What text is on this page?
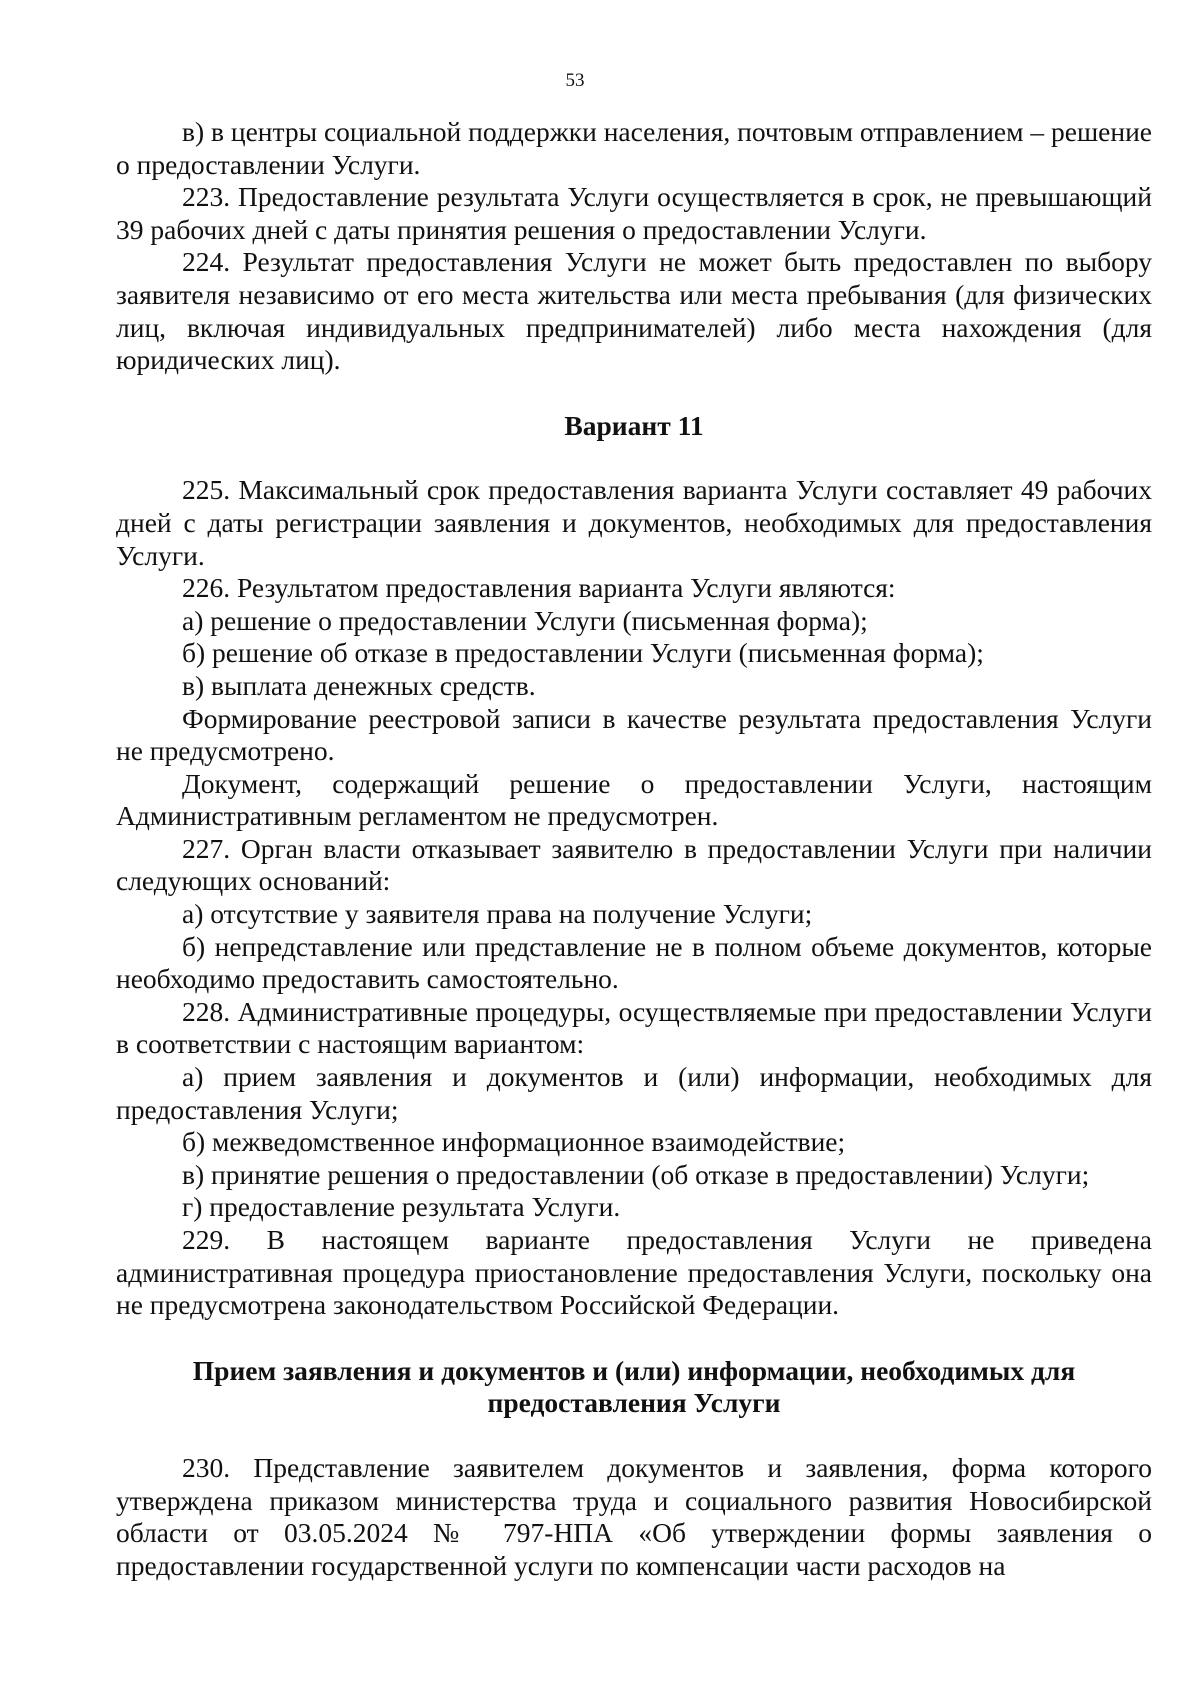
53

в) в центры социальной поддержки населения, почтовым отправлением – решение о предоставлении Услуги.

223. Предоставление результата Услуги осуществляется в срок, не превышающий 39 рабочих дней с даты принятия решения о предоставлении Услуги.

224. Результат предоставления Услуги не может быть предоставлен по выбору заявителя независимо от его места жительства или места пребывания (для физических лиц, включая индивидуальных предпринимателей) либо места нахождения (для юридических лиц).

Вариант 11

225. Максимальный срок предоставления варианта Услуги составляет 49 рабочих дней с даты регистрации заявления и документов, необходимых для предоставления Услуги.

226. Результатом предоставления варианта Услуги являются:

а) решение о предоставлении Услуги (письменная форма);

б) решение об отказе в предоставлении Услуги (письменная форма);

в) выплата денежных средств.

Формирование реестровой записи в качестве результата предоставления Услуги не предусмотрено.

Документ, содержащий решение о предоставлении Услуги, настоящим Административным регламентом не предусмотрен.

227. Орган власти отказывает заявителю в предоставлении Услуги при наличии следующих оснований:

а) отсутствие у заявителя права на получение Услуги;

б) непредставление или представление не в полном объеме документов, которые необходимо предоставить самостоятельно.

228. Административные процедуры, осуществляемые при предоставлении Услуги в соответствии с настоящим вариантом:

а) прием заявления и документов и (или) информации, необходимых для предоставления Услуги;

б) межведомственное информационное взаимодействие;

в) принятие решения о предоставлении (об отказе в предоставлении) Услуги;

г) предоставление результата Услуги.

229. В настоящем варианте предоставления Услуги не приведена административная процедура приостановление предоставления Услуги, поскольку она не предусмотрена законодательством Российской Федерации.

Прием заявления и документов и (или) информации, необходимых для
предоставления Услуги

230. Представление заявителем документов и заявления, форма которого утверждена приказом министерства труда и социального развития Новосибирской области от 03.05.2024 № 797-НПА «Об утверждении формы заявления о предоставлении государственной услуги по компенсации части расходов на
